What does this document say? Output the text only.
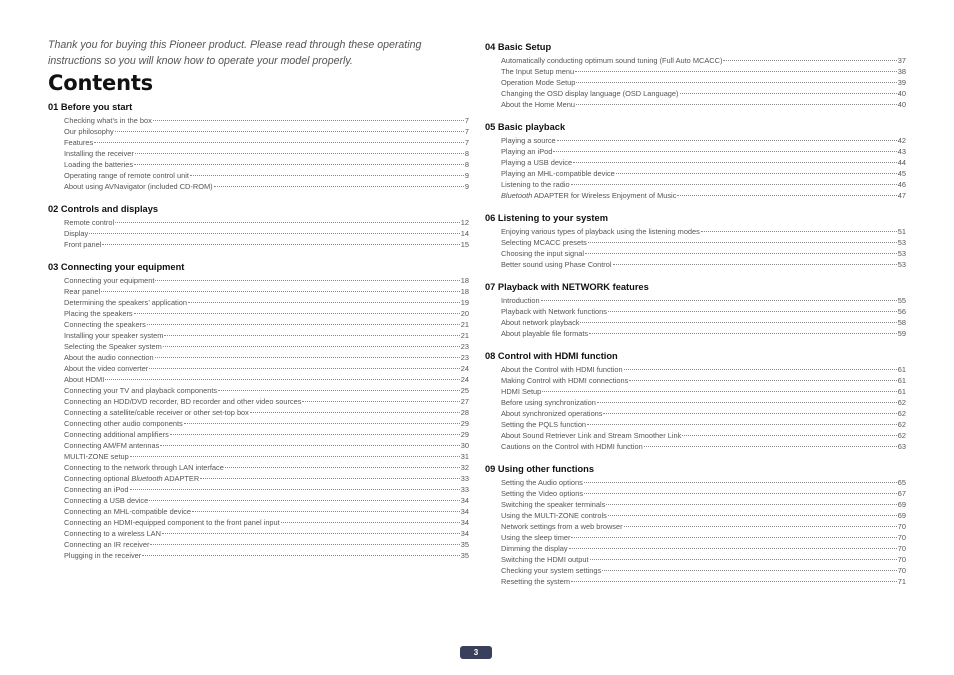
Thank you for buying this Pioneer product. Please read through these operating instructions so you will know how to operate your model properly.

Contents
01 Before you start
Checking what’s in the box	7
Our philosophy	7
Features	7
Installing the receiver	8
Loading the batteries	8
Operating range of remote control unit	9
About using AVNavigator (included CD-ROM)	9
02 Controls and displays
Remote control	12
Display	14
Front panel	15
03 Connecting your equipment
Connecting your equipment	18
Rear panel	18
Determining the speakers’ application	19
Placing the speakers	20
Connecting the speakers	21
Installing your speaker system	21
Selecting the Speaker system	23
About the audio connection	23
About the video converter	24
About HDMI	24
Connecting your TV and playback components	25
Connecting an HDD/DVD recorder, BD recorder and other video sources	27
Connecting a satellite/cable receiver or other set-top box	28
Connecting other audio components	29
Connecting additional amplifiers	29
Connecting AM/FM antennas	30
MULTI-ZONE setup	31
Connecting to the network through LAN interface	32
Connecting optional Bluetooth ADAPTER	33
Connecting an iPod	33
Connecting a USB device	34
Connecting an MHL-compatible device	34
Connecting an HDMI-equipped component to the front panel input	34
Connecting to a wireless LAN	34
Connecting an IR receiver	35
Plugging in the receiver	35
04 Basic Setup
Automatically conducting optimum sound tuning (Full Auto MCACC)	37
The Input Setup menu	38
Operation Mode Setup	39
Changing the OSD display language (OSD Language)	40
About the Home Menu	40
05 Basic playback
Playing a source	42
Playing an iPod	43
Playing a USB device	44
Playing an MHL-compatible device	45
Listening to the radio	46
Bluetooth ADAPTER for Wireless Enjoyment of Music	47
06 Listening to your system
Enjoying various types of playback using the listening modes	51
Selecting MCACC presets	53
Choosing the input signal	53
Better sound using Phase Control	53
07 Playback with NETWORK features
Introduction	55
Playback with Network functions	56
About network playback	58
About playable file formats	59
08 Control with HDMI function
About the Control with HDMI function	61
Making Control with HDMI connections	61
HDMI Setup	61
Before using synchronization	62
About synchronized operations	62
Setting the PQLS function	62
About Sound Retriever Link and Stream Smoother Link	62
Cautions on the Control with HDMI function	63
09 Using other functions
Setting the Audio options	65
Setting the Video options	67
Switching the speaker terminals	69
Using the MULTI-ZONE controls	69
Network settings from a web browser	70
Using the sleep timer	70
Dimming the display	70
Switching the HDMI output	70
Checking your system settings	70
Resetting the system	71
3
